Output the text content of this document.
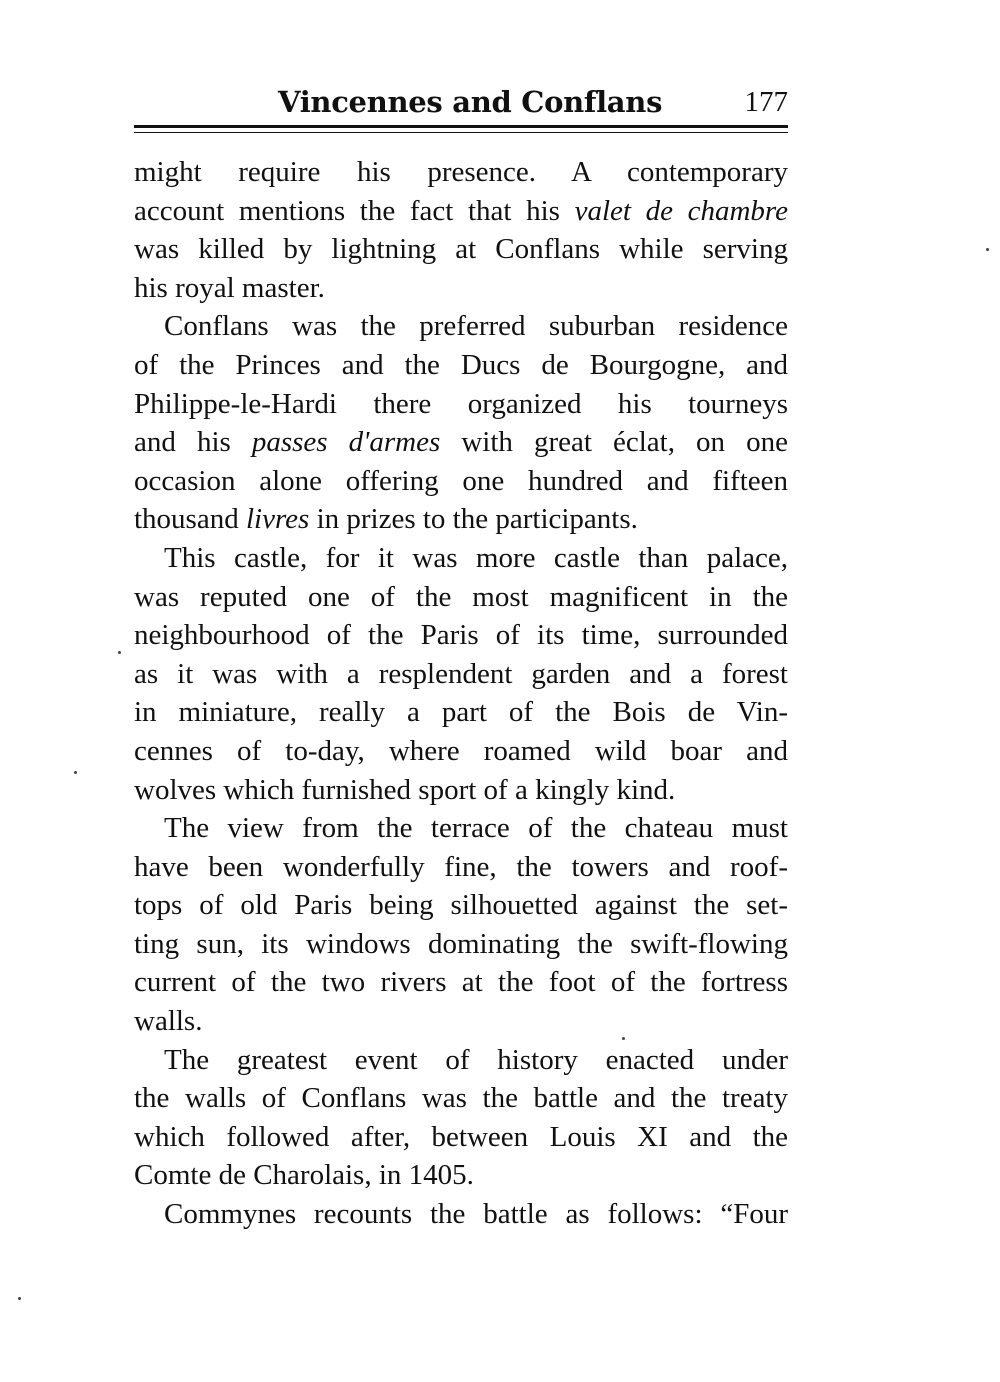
Vincennes and Conflans	177

might require his presence. A contemporary
account mentions the fact that his valet de chambre
was killed by lightning at Conflans while serving
his royal master.

Conflans was the preferred suburban residence
of the Princes and the Ducs de Bourgogne, and
Philippe-le-Hardi there organized his tourneys
and his passes d'armes with great éclat, on one
occasion alone offering one hundred and fifteen
thousand livres in prizes to the participants.

This castle, for it was more castle than palace,
was reputed one of the most magnificent in the
neighbourhood of the Paris of its time, surrounded
as it was with a resplendent garden and a forest
in miniature, really a part of the Bois de Vin-
cennes of to-day, where roamed wild boar and
wolves which furnished sport of a kingly kind.

The view from the terrace of the chateau must
have been wonderfully fine, the towers and roof-
tops of old Paris being silhouetted against the set-
ting sun, its windows dominating the swift-flowing
current of the two rivers at the foot of the fortress
walls.

The greatest event of history enacted under
the walls of Conflans was the battle and the treaty
which followed after, between Louis XI and the
Comte de Charolais, in 1405.

Commynes recounts the battle as follows: “Four
